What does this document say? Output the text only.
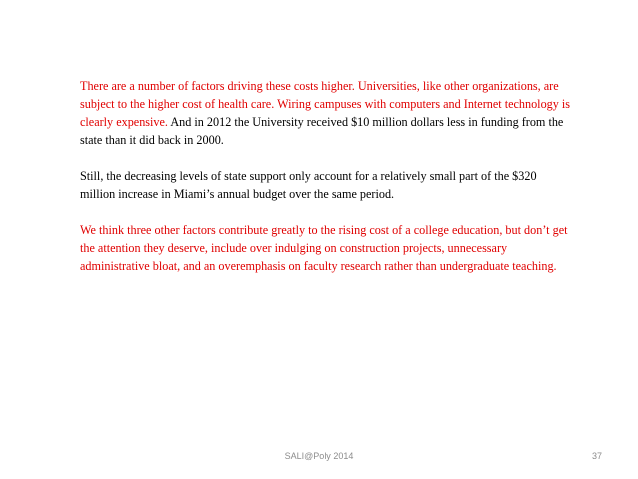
There are a number of factors driving these costs higher. Universities, like other organizations, are subject to the higher cost of health care. Wiring campuses with computers and Internet technology is clearly expensive. And in 2012 the University received $10 million dollars less in funding from the state than it did back in 2000.

Still, the decreasing levels of state support only account for a relatively small part of the $320 million increase in Miami’s annual budget over the same period.

We think three other factors contribute greatly to the rising cost of a college education, but don’t get the attention they deserve, include over indulging on construction projects, unnecessary administrative bloat, and an overemphasis on faculty research rather than undergraduate teaching.

SALI@Poly 2014	37
